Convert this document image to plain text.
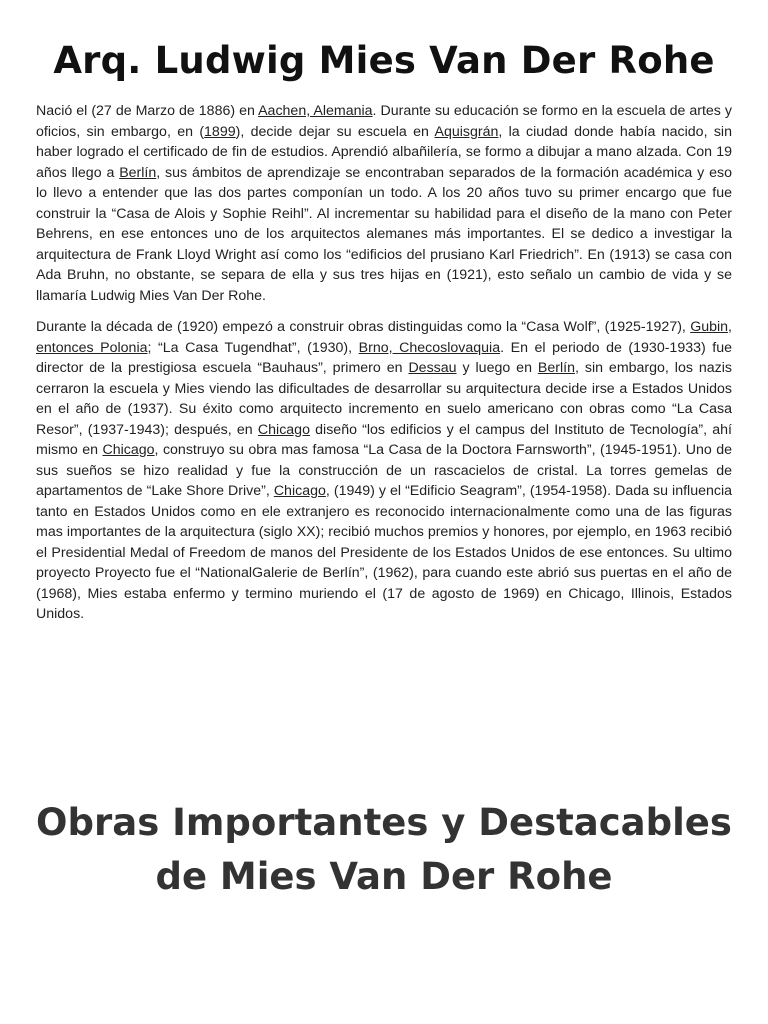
Arq. Ludwig Mies Van Der Rohe

Nació el (27 de Marzo de 1886) en Aachen, Alemania. Durante su educación se formo en la escuela de artes y oficios, sin embargo, en (1899), decide dejar su escuela en Aquisgrán, la ciudad donde había nacido, sin haber logrado el certificado de fin de estudios. Aprendió albañilería, se formo a dibujar a mano alzada. Con 19 años llego a Berlín, sus ámbitos de aprendizaje se encontraban separados de la formación académica y eso lo llevo a entender que las dos partes componían un todo. A los 20 años tuvo su primer encargo que fue construir la “Casa de Alois y Sophie Reihl”. Al incrementar su habilidad para el diseño de la mano con Peter Behrens, en ese entonces uno de los arquitectos alemanes más importantes. El se dedico a investigar la arquitectura de Frank Lloyd Wright así como los “edificios del prusiano Karl Friedrich”. En (1913) se casa con Ada Bruhn, no obstante, se separa de ella y sus tres hijas en (1921), esto señalo un cambio de vida y se llamaría Ludwig Mies Van Der Rohe.

Durante la década de (1920) empezó a construir obras distinguidas como la “Casa Wolf”, (1925-1927), Gubin, entonces Polonia; “La Casa Tugendhat”, (1930), Brno, Checoslovaquia. En el periodo de (1930-1933) fue director de la prestigiosa escuela “Bauhaus”, primero en Dessau y luego en Berlín, sin embargo, los nazis cerraron la escuela y Mies viendo las dificultades de desarrollar su arquitectura decide irse a Estados Unidos en el año de (1937). Su éxito como arquitecto incremento en suelo americano con obras como “La Casa Resor”, (1937-1943); después, en Chicago diseño “los edificios y el campus del Instituto de Tecnología”, ahí mismo en Chicago, construyo su obra mas famosa “La Casa de la Doctora Farnsworth”, (1945-1951). Uno de sus sueños se hizo realidad y fue la construcción de un rascacielos de cristal. La torres gemelas de apartamentos de “Lake Shore Drive”, Chicago, (1949) y el “Edificio Seagram”, (1954-1958). Dada su influencia tanto en Estados Unidos como en ele extranjero es reconocido internacionalmente como una de las figuras mas importantes de la arquitectura (siglo XX); recibió muchos premios y honores, por ejemplo, en 1963 recibió el Presidential Medal of Freedom de manos del Presidente de los Estados Unidos de ese entonces. Su ultimo proyecto Proyecto fue el “NationalGalerie de Berlín”, (1962), para cuando este abrió sus puertas en el año de (1968), Mies estaba enfermo y termino muriendo el (17 de agosto de 1969) en Chicago, Illinois, Estados Unidos.

Obras Importantes y Destacables de Mies Van Der Rohe
